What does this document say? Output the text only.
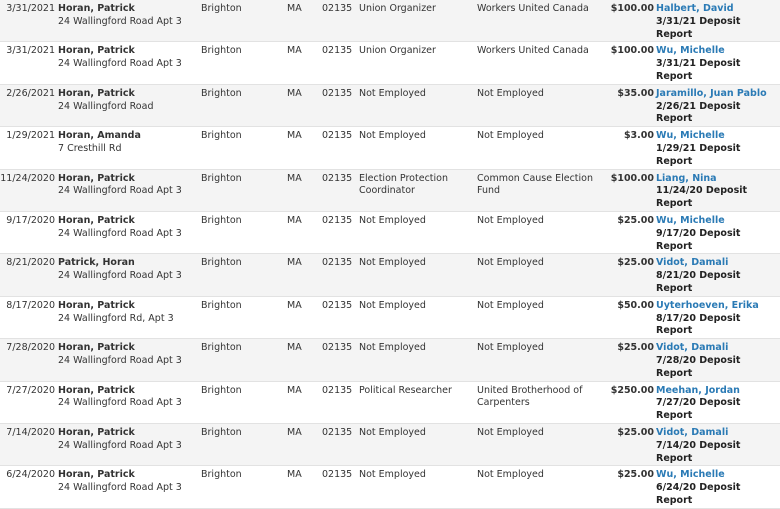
3/31/2021	Horan, Patrick
24 Wallingford Road Apt 3	Brighton	MA	02135	Union Organizer	Workers United Canada	$100.00	Halbert, David
3/31/21 Deposit Report

3/31/2021	Horan, Patrick
24 Wallingford Road Apt 3	Brighton	MA	02135	Union Organizer	Workers United Canada	$100.00	Wu, Michelle
3/31/21 Deposit Report

2/26/2021	Horan, Patrick
24 Wallingford Road	Brighton	MA	02135	Not Employed	Not Employed	$35.00	Jaramillo, Juan Pablo
2/26/21 Deposit Report

1/29/2021	Horan, Amanda
7 Cresthill Rd	Brighton	MA	02135	Not Employed	Not Employed	$3.00	Wu, Michelle
1/29/21 Deposit Report

11/24/2020	Horan, Patrick
24 Wallingford Road Apt 3	Brighton	MA	02135	Election Protection Coordinator	Common Cause Election Fund	$100.00	Liang, Nina
11/24/20 Deposit Report

9/17/2020	Horan, Patrick
24 Wallingford Road Apt 3	Brighton	MA	02135	Not Employed	Not Employed	$25.00	Wu, Michelle
9/17/20 Deposit Report

8/21/2020	Patrick, Horan
24 Wallingford Road Apt 3	Brighton	MA	02135	Not Employed	Not Employed	$25.00	Vidot, Damali
8/21/20 Deposit Report

8/17/2020	Horan, Patrick
24 Wallingford Rd, Apt 3	Brighton	MA	02135	Not Employed	Not Employed	$50.00	Uyterhoeven, Erika
8/17/20 Deposit Report

7/28/2020	Horan, Patrick
24 Wallingford Road Apt 3	Brighton	MA	02135	Not Employed	Not Employed	$25.00	Vidot, Damali
7/28/20 Deposit Report

7/27/2020	Horan, Patrick
24 Wallingford Road Apt 3	Brighton	MA	02135	Political Researcher	United Brotherhood of Carpenters	$250.00	Meehan, Jordan
7/27/20 Deposit Report

7/14/2020	Horan, Patrick
24 Wallingford Road Apt 3	Brighton	MA	02135	Not Employed	Not Employed	$25.00	Vidot, Damali
7/14/20 Deposit Report

6/24/2020	Horan, Patrick
24 Wallingford Road Apt 3	Brighton	MA	02135	Not Employed	Not Employed	$25.00	Wu, Michelle
6/24/20 Deposit Report
